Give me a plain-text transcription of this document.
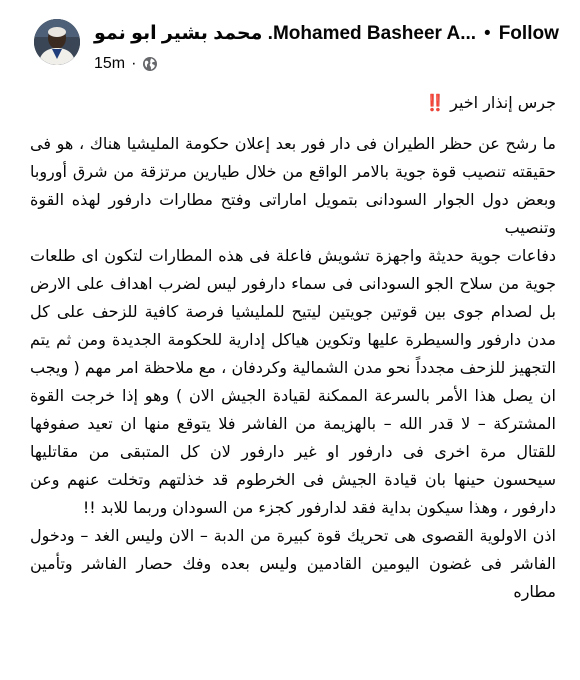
محمد بشير ابو نمو .Mohamed Basheer A... • Follow
15m ·

جرس إنذار اخير ‼️

ما رشح عن حظر الطيران فى دار فور بعد إعلان حكومة المليشيا هناك ، هو فى حقيقته تنصيب قوة جوية بالامر الواقع من خلال طيارين مرتزقة من شرق أوروبا وبعض دول الجوار السودانى بتمويل اماراتى وفتح مطارات دارفور لهذه القوة وتنصيب

دفاعات جوية حديثة واجهزة تشويش فاعلة فى هذه المطارات لتكون اى طلعات جوية من سلاح الجو السودانى فى سماء دارفور ليس لضرب اهداف على الارض بل لصدام جوى بين قوتين جويتين ليتيح للمليشيا فرصة كافية للزحف على كل مدن دارفور والسيطرة عليها وتكوين هياكل إدارية للحكومة الجديدة ومن ثم يتم التجهيز للزحف مجدداً نحو مدن الشمالية وكردفان ، مع ملاحظة امر مهم ( ويجب ان يصل هذا الأمر بالسرعة الممكنة لقيادة الجيش الان ) وهو إذا خرجت القوة المشتركة – لا قدر الله – بالهزيمة من الفاشر فلا يتوقع منها ان تعيد صفوفها للقتال مرة اخرى فى دارفور او غير دارفور لان كل المتبقى من مقاتليها سيحسون حينها بان قيادة الجيش فى الخرطوم قد خذلتهم وتخلت عنهم وعن دارفور ، وهذا سيكون بداية فقد لدارفور كجزء من السودان وربما للابد !!

اذن الاولوية القصوى هى تحريك قوة كبيرة من الدبة – الان وليس الغد – ودخول الفاشر فى غضون اليومين القادمين وليس بعده وفك حصار الفاشر وتأمين مطاره
